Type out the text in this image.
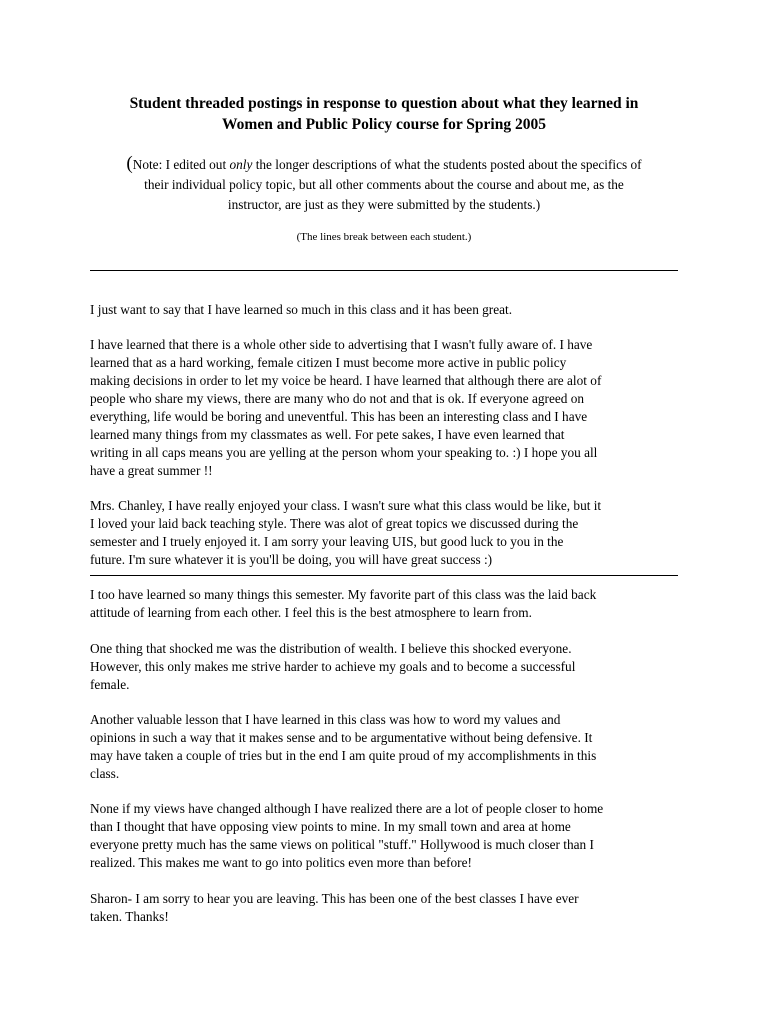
Student threaded postings in response to question about what they learned in
Women and Public Policy course for Spring 2005
(Note: I edited out only the longer descriptions of what the students posted about the specifics of
their individual policy topic, but all other comments about the course and about me, as the
instructor, are just as they were submitted by the students.)
(The lines break between each student.)
I just want to say that I have learned so much in this class and it has been great.
I have learned that there is a whole other side to advertising that I wasn't fully aware of. I have
learned that as a hard working, female citizen I must become more active in public policy
making decisions in order to let my voice be heard. I have learned that although there are alot of
people who share my views, there are many who do not and that is ok. If everyone agreed on
everything, life would be boring and uneventful. This has been an interesting class and I have
learned many things from my classmates as well. For pete sakes, I have even learned that
writing in all caps means you are yelling at the person whom your speaking to. :) I hope you all
have a great summer !!
Mrs. Chanley, I have really enjoyed your class. I wasn't sure what this class would be like, but it
I loved your laid back teaching style. There was alot of great topics we discussed during the
semester and I truely enjoyed it. I am sorry your leaving UIS, but good luck to you in the
future. I'm sure whatever it is you'll be doing, you will have great success :)
I too have learned so many things this semester. My favorite part of this class was the laid back
attitude of learning from each other. I feel this is the best atmosphere to learn from.
One thing that shocked me was the distribution of wealth. I believe this shocked everyone.
However, this only makes me strive harder to achieve my goals and to become a successful
female.
Another valuable lesson that I have learned in this class was how to word my values and
opinions in such a way that it makes sense and to be argumentative without being defensive. It
may have taken a couple of tries but in the end I am quite proud of my accomplishments in this
class.
None if my views have changed although I have realized there are a lot of people closer to home
than I thought that have opposing view points to mine. In my small town and area at home
everyone pretty much has the same views on political "stuff." Hollywood is much closer than I
realized. This makes me want to go into politics even more than before!
Sharon- I am sorry to hear you are leaving. This has been one of the best classes I have ever
taken. Thanks!
